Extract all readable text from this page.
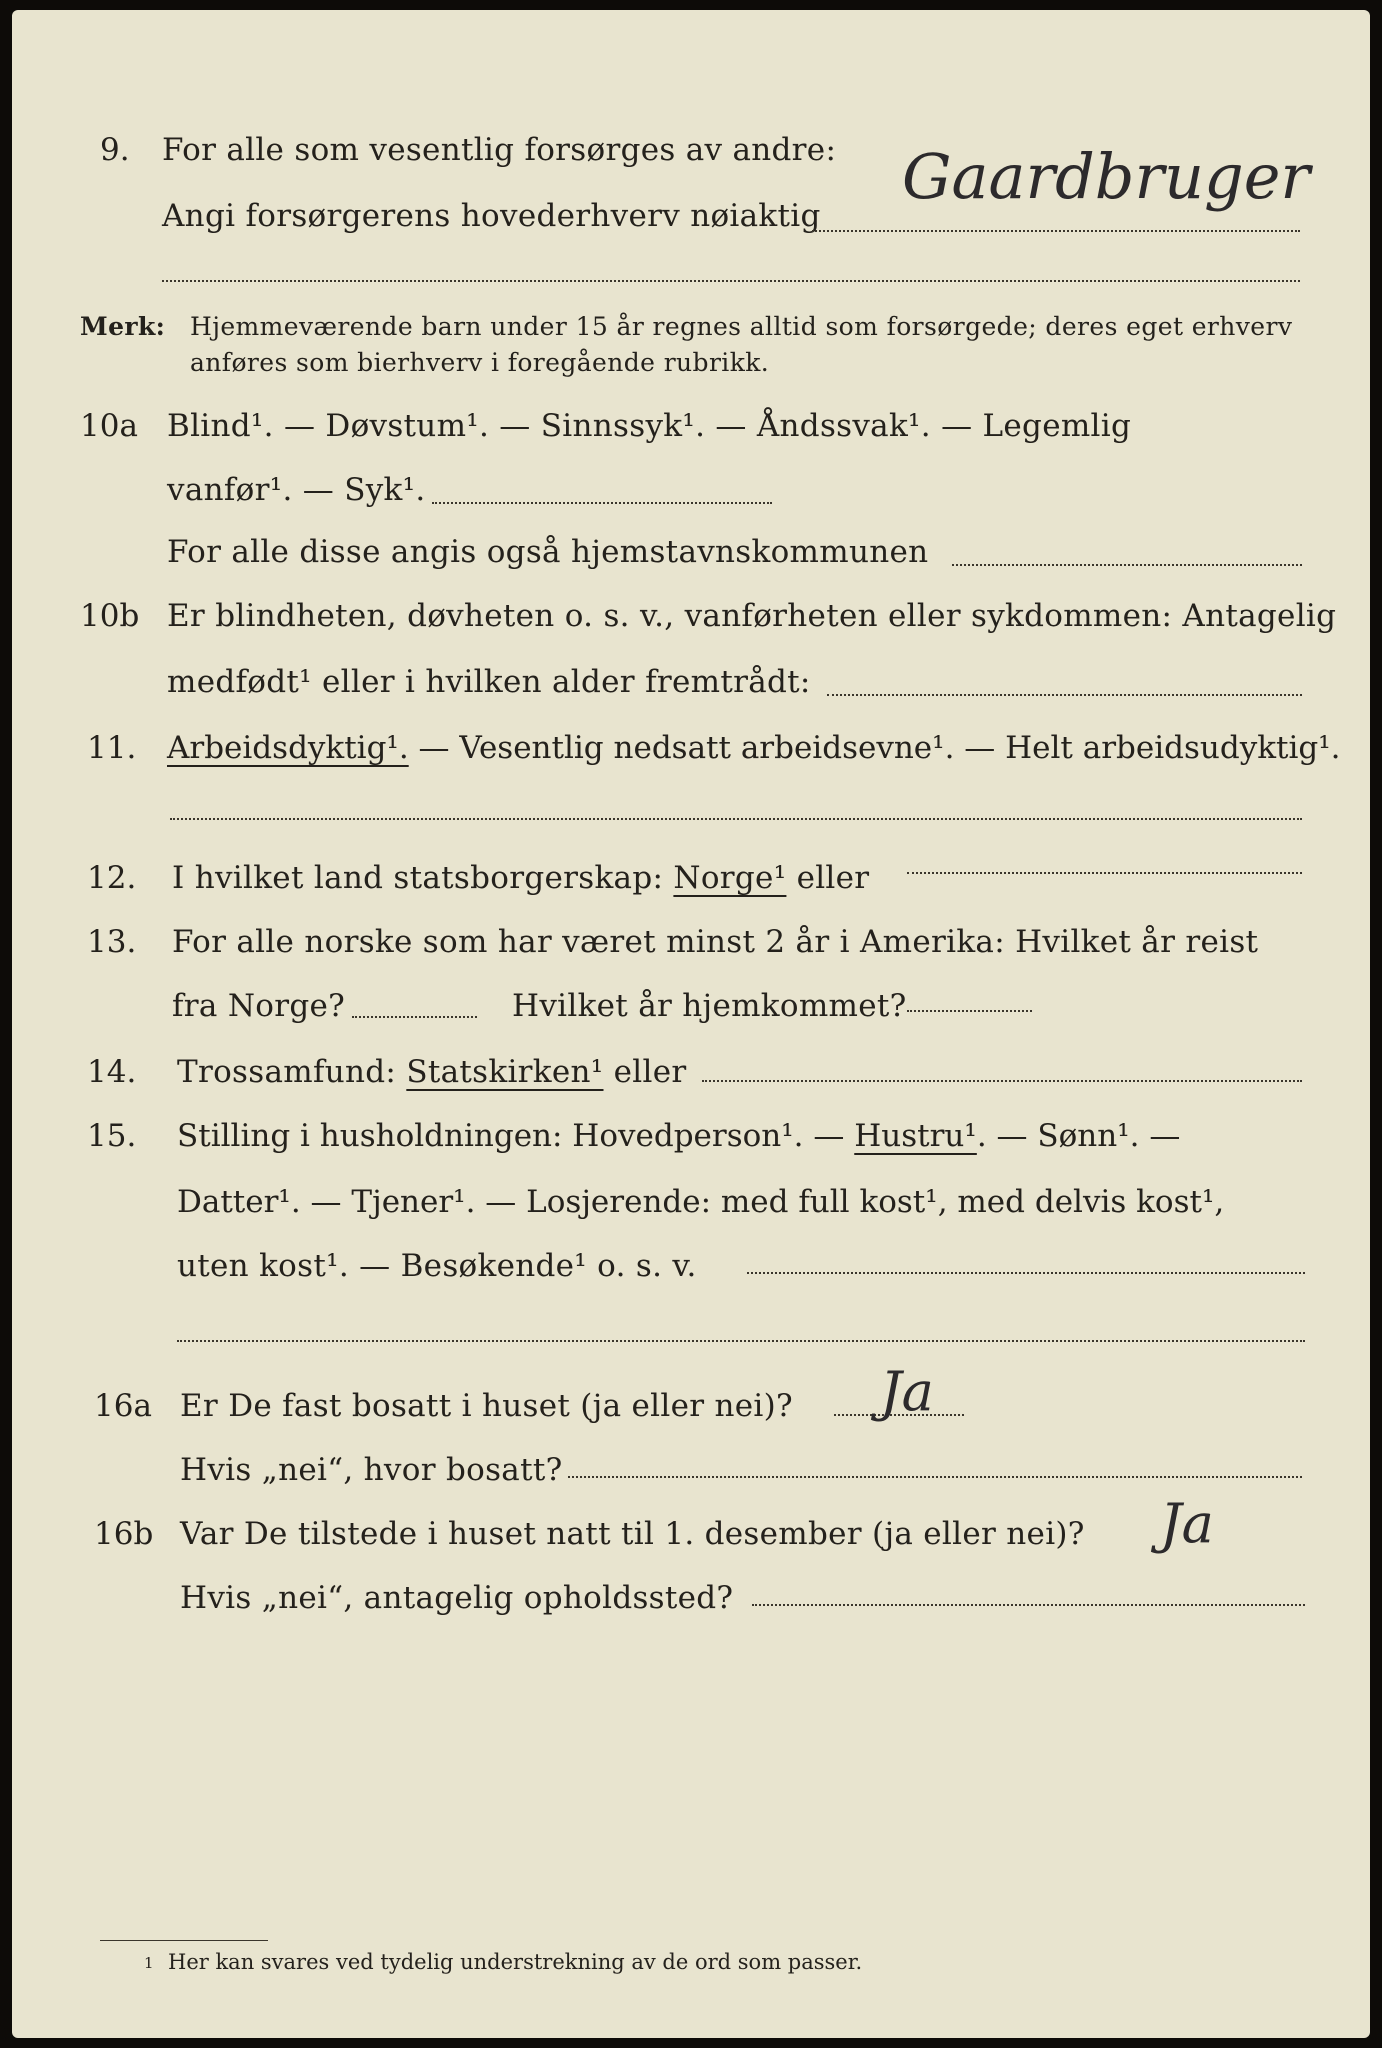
9. For alle som vesentlig forsørges av andre:
Angi forsørgerens hovederhverv nøiaktig
Gaardbruger
Merk: Hjemmeværende barn under 15 år regnes alltid som forsørgede; deres eget erhverv
anføres som bierhverv i foregående rubrikk.
10a Blind¹. — Døvstum¹. — Sinnssyk¹. — Åndssvak¹. — Legemlig
vanfør¹. — Syk¹.
For alle disse angis også hjemstavnskommunen
10b Er blindheten, døvheten o. s. v., vanførheten eller sykdommen: Antagelig
medfødt¹ eller i hvilken alder fremtrådt:
11. Arbeidsdyktig¹. — Vesentlig nedsatt arbeidsevne¹. — Helt arbeidsudyktig¹.
12. I hvilket land statsborgerskap: Norge¹ eller
13. For alle norske som har været minst 2 år i Amerika: Hvilket år reist
fra Norge?	Hvilket år hjemkommet?
14. Trossamfund: Statskirken¹ eller
15. Stilling i husholdningen: Hovedperson¹. — Hustru¹. — Sønn¹. —
Datter¹. — Tjener¹. — Losjerende: med full kost¹, med delvis kost¹,
uten kost¹. — Besøkende¹ o. s. v.
16a Er De fast bosatt i huset (ja eller nei)? Ja
Hvis „nei“, hvor bosatt?
16b Var De tilstede i huset natt til 1. desember (ja eller nei)? Ja
Hvis „nei“, antagelig opholdssted?
1 Her kan svares ved tydelig understrekning av de ord som passer.
